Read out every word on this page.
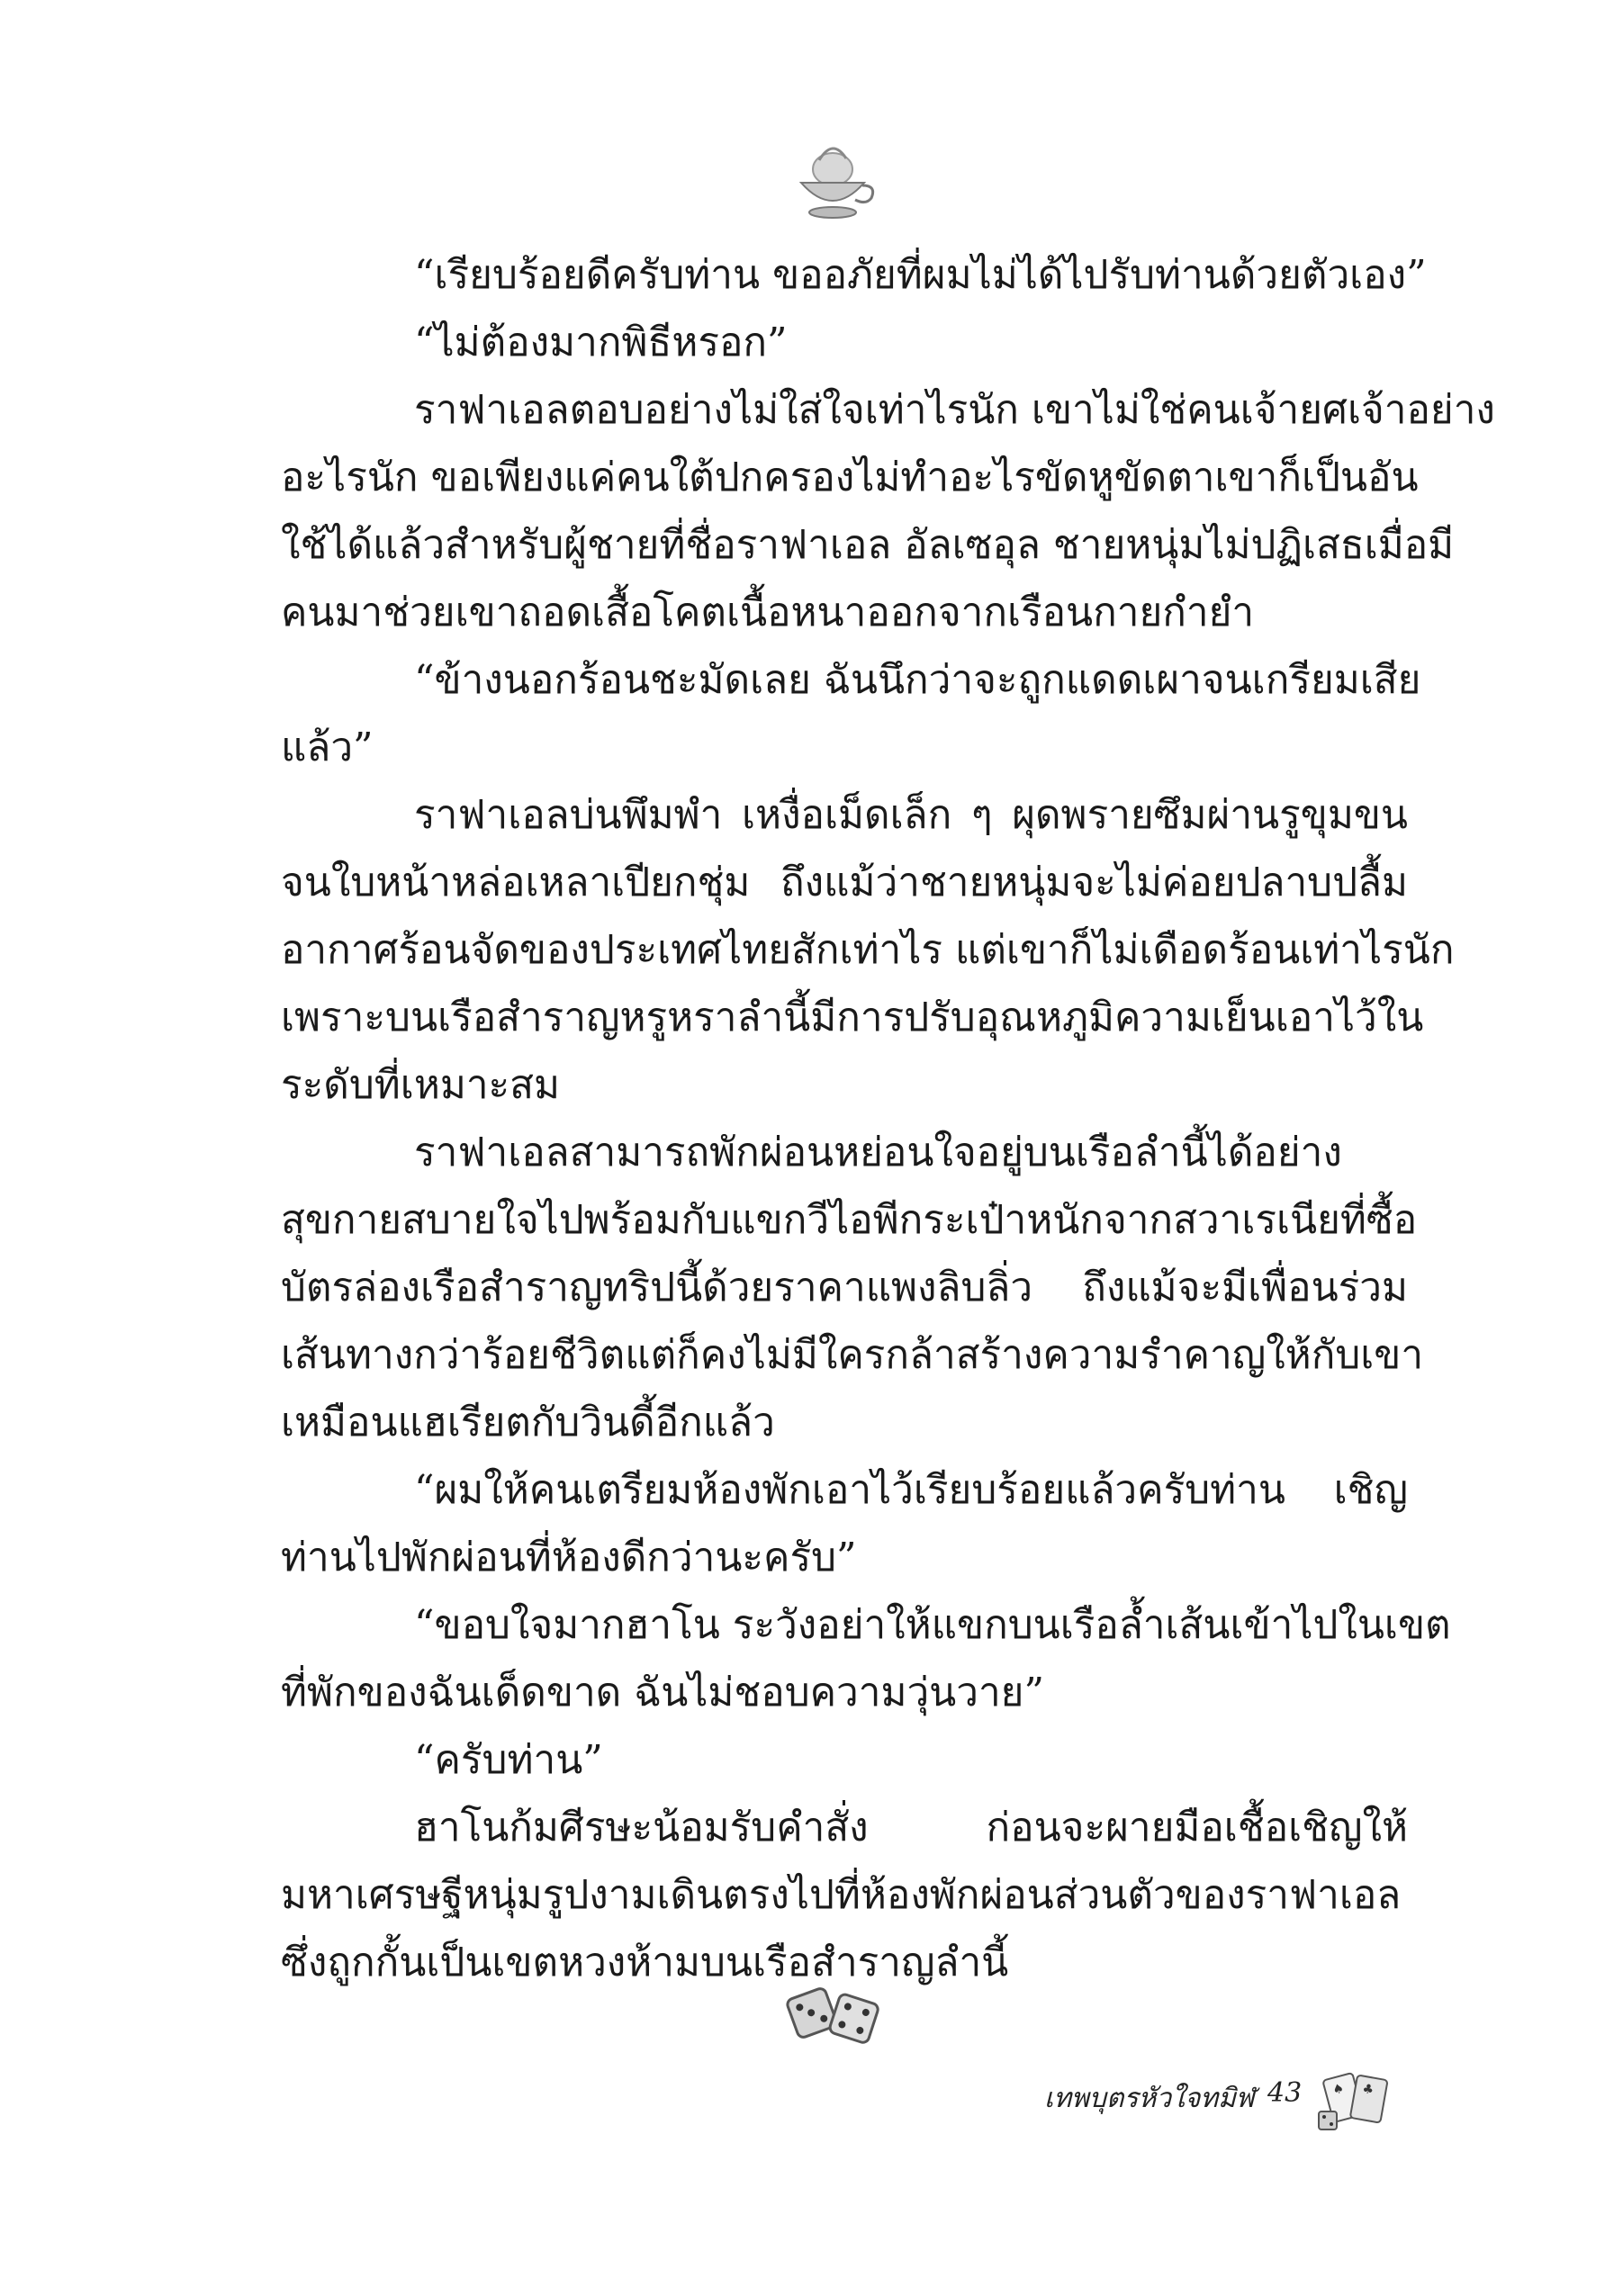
“เรียบร้อยดีครับท่าน ขออภัยที่ผมไม่ได้ไปรับท่านด้วยตัวเอง”
“ไม่ต้องมากพิธีหรอก”
ราฟาเอลตอบอย่างไม่ใส่ใจเท่าไรนัก เขาไม่ใช่คนเจ้ายศเจ้าอย่าง
อะไรนัก ขอเพียงแค่คนใต้ปกครองไม่ทำอะไรขัดหูขัดตาเขาก็เป็นอัน
ใช้ได้แล้วสำหรับผู้ชายที่ชื่อราฟาเอล อัลเซอุล ชายหนุ่มไม่ปฏิเสธเมื่อมี
คนมาช่วยเขาถอดเสื้อโคตเนื้อหนาออกจากเรือนกายกำยำ
“ข้างนอกร้อนชะมัดเลย ฉันนึกว่าจะถูกแดดเผาจนเกรียมเสีย
แล้ว”
ราฟาเอลบ่นพึมพำ เหงื่อเม็ดเล็ก ๆ ผุดพรายซึมผ่านรูขุมขน
จนใบหน้าหล่อเหลาเปียกชุ่ม ถึงแม้ว่าชายหนุ่มจะไม่ค่อยปลาบปลื้ม
อากาศร้อนจัดของประเทศไทยสักเท่าไร แต่เขาก็ไม่เดือดร้อนเท่าไรนัก
เพราะบนเรือสำราญหรูหราลำนี้มีการปรับอุณหภูมิความเย็นเอาไว้ใน
ระดับที่เหมาะสม
ราฟาเอลสามารถพักผ่อนหย่อนใจอยู่บนเรือลำนี้ได้อย่าง
สุขกายสบายใจไปพร้อมกับแขกวีไอพีกระเป๋าหนักจากสวาเรเนียที่ซื้อ
บัตรล่องเรือสำราญทริปนี้ด้วยราคาแพงลิบลิ่ว ถึงแม้จะมีเพื่อนร่วม
เส้นทางกว่าร้อยชีวิตแต่ก็คงไม่มีใครกล้าสร้างความรำคาญให้กับเขา
เหมือนแฮเรียตกับวินดี้อีกแล้ว
“ผมให้คนเตรียมห้องพักเอาไว้เรียบร้อยแล้วครับท่าน เชิญ
ท่านไปพักผ่อนที่ห้องดีกว่านะครับ”
“ขอบใจมากฮาโน ระวังอย่าให้แขกบนเรือล้ำเส้นเข้าไปในเขต
ที่พักของฉันเด็ดขาด ฉันไม่ชอบความวุ่นวาย”
“ครับท่าน”
ฮาโนก้มศีรษะน้อมรับคำสั่ง ก่อนจะผายมือเชื้อเชิญให้
มหาเศรษฐีหนุ่มรูปงามเดินตรงไปที่ห้องพักผ่อนส่วนตัวของราฟาเอล
ซึ่งถูกกั้นเป็นเขตหวงห้ามบนเรือสำราญลำนี้
เทพบุตรหัวใจทมิฬ 43 ♠ ♣
